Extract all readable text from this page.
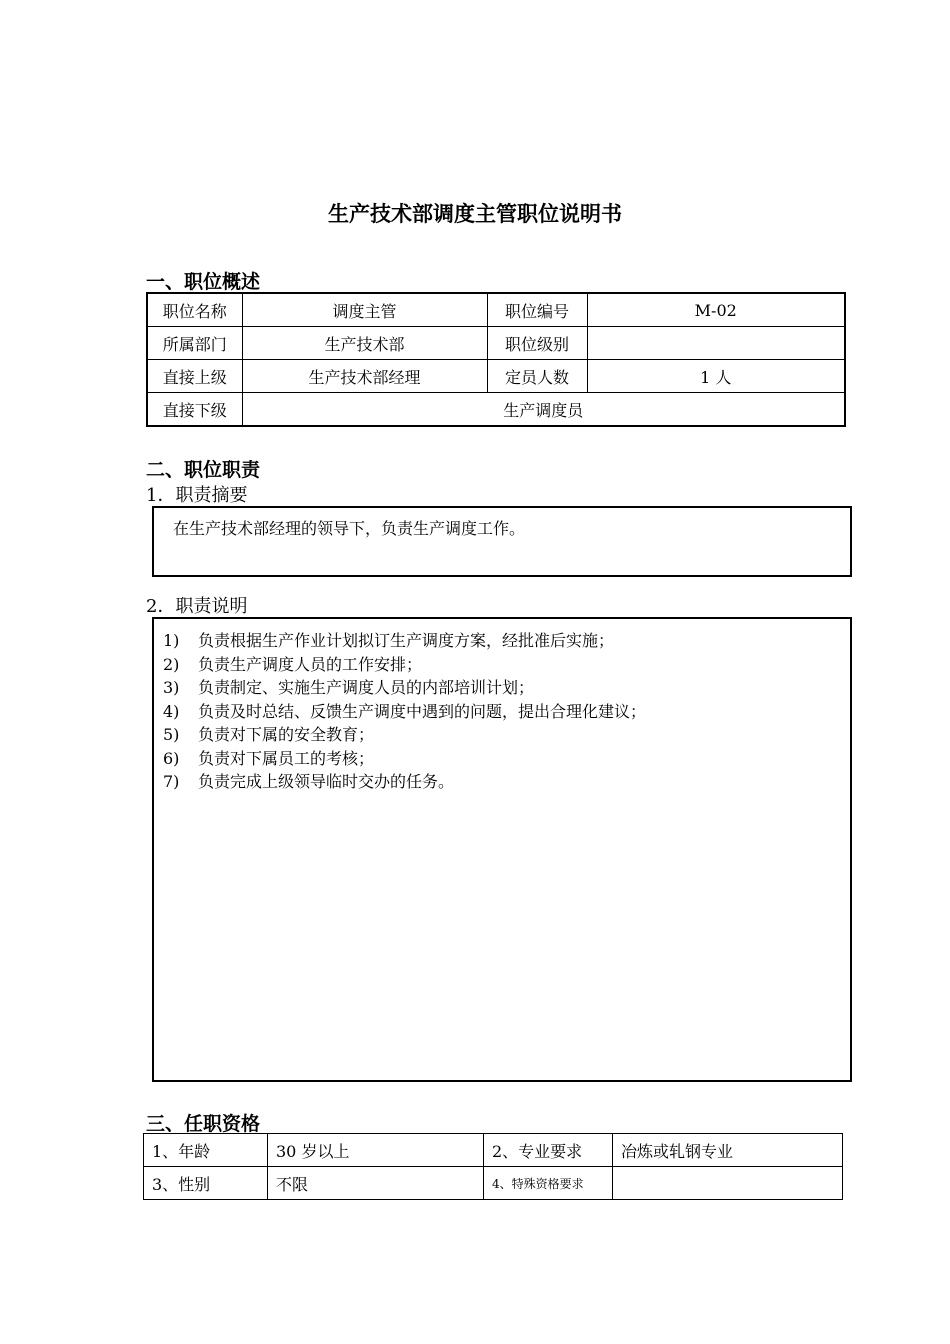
生产技术部调度主管职位说明书
一、职位概述
职位名称	调度主管	职位编号	M-02
所属部门	生产技术部	职位级别	
直接上级	生产技术部经理	定员人数	1 人
直接下级	生产调度员		
二、职位职责
1．职责摘要
在生产技术部经理的领导下，负责生产调度工作。
2．职责说明
1) 负责根据生产作业计划拟订生产调度方案，经批准后实施；
2) 负责生产调度人员的工作安排；
3) 负责制定、实施生产调度人员的内部培训计划；
4) 负责及时总结、反馈生产调度中遇到的问题，提出合理化建议；
5) 负责对下属的安全教育；
6) 负责对下属员工的考核；
7) 负责完成上级领导临时交办的任务。
三、任职资格
1、年龄	30 岁以上	2、专业要求	冶炼或轧钢专业
3、性别	不限	4、特殊资格要求	
